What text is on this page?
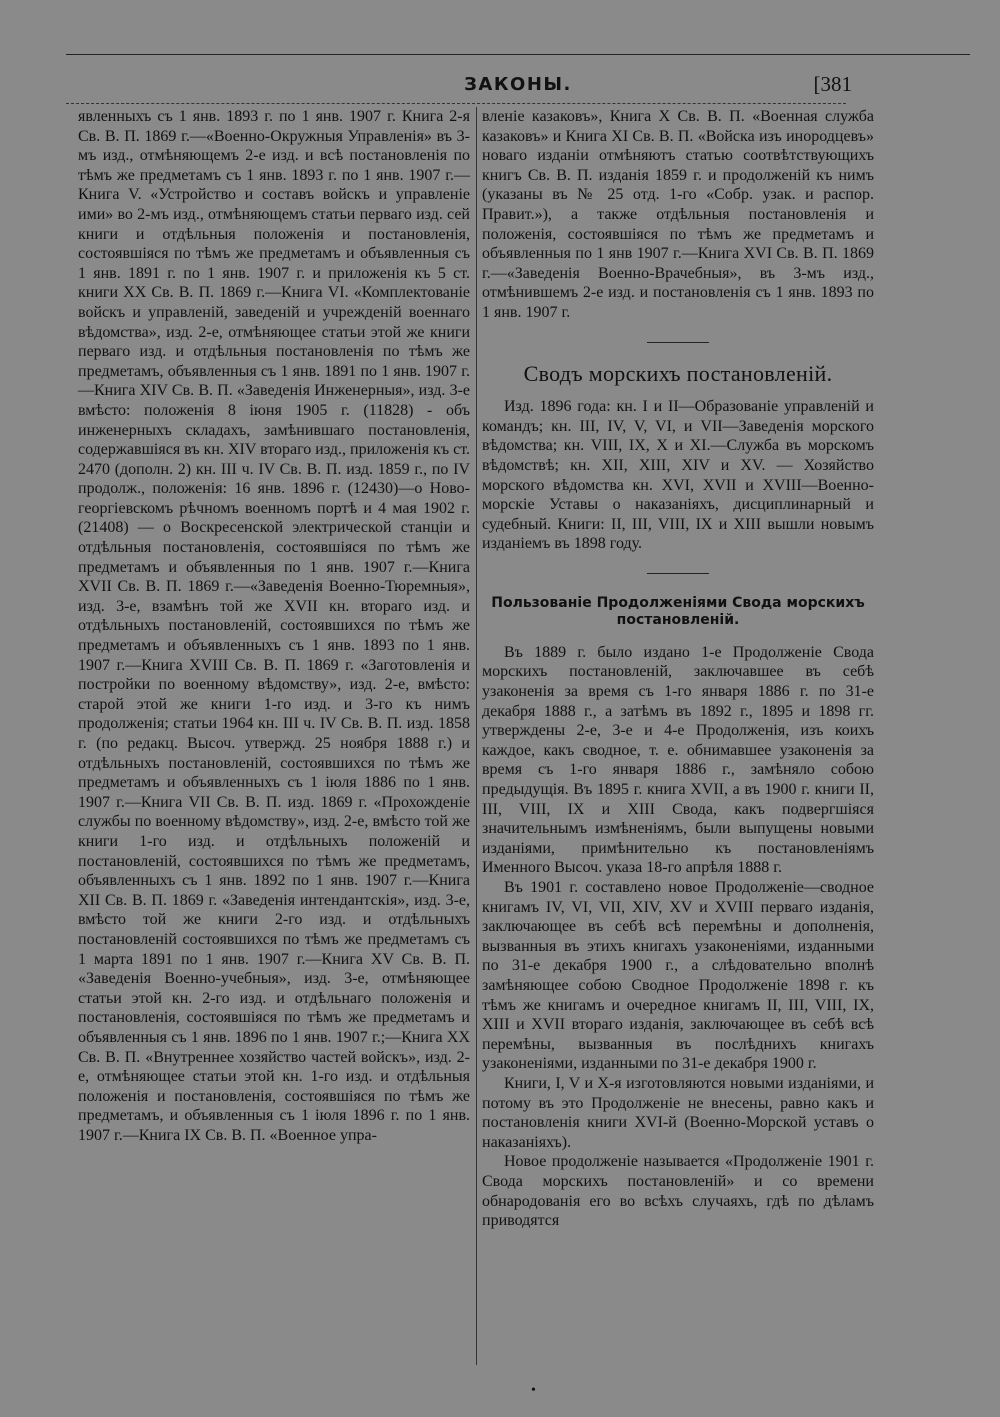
ЗАКОНЫ.	[381

явленныхъ съ 1 янв. 1893 г. по 1 янв. 1907 г. Книга 2-я Св. В. П. 1869 г.—«Военно-Окружныя Управленія» въ 3-мъ изд., отмѣняющемъ 2-е изд. и всѣ постановленія по тѣмъ же предметамъ съ 1 янв. 1893 г. по 1 янв. 1907 г.—Книга V. «Устройство и составъ войскъ и управленіе ими» во 2-мъ изд., отмѣняющемъ статьи перваго изд. сей книги и отдѣльныя положенія и постановленія, состоявшіяся по тѣмъ же предметамъ и объявленныя съ 1 янв. 1891 г. по 1 янв. 1907 г. и приложенія къ 5 ст. книги XX Св. В. П. 1869 г.—Книга VI. «Комплектованіе войскъ и управленій, заведеній и учрежденій военнаго вѣдомства», изд. 2-е, отмѣняющее статьи этой же книги перваго изд. и отдѣльныя постановленія по тѣмъ же предметамъ, объявленныя съ 1 янв. 1891 по 1 янв. 1907 г.—Книга XIV Св. В. П. «Заведенія Инженерныя», изд. 3-е вмѣсто: положенія 8 іюня 1905 г. (11828) - объ инженерныхъ складахъ, замѣнившаго постановленія, содержавшіяся въ кн. XIV втораго изд., приложенія къ ст. 2470 (дополн. 2) кн. III ч. IV Св. В. П. изд. 1859 г., по IV продолж., положенія: 16 янв. 1896 г. (12430)—о Ново-георгіевскомъ рѣчномъ военномъ портѣ и 4 мая 1902 г. (21408) — о Воскресенской электрической станціи и отдѣльныя постановленія, состоявшіяся по тѣмъ же предметамъ и объявленныя по 1 янв. 1907 г.—Книга XVII Св. В. П. 1869 г.—«Заведенія Военно-Тюремныя», изд. 3-е, взамѣнъ той же XVII кн. втораго изд. и отдѣльныхъ постановленій, состоявшихся по тѣмъ же предметамъ и объявленныхъ съ 1 янв. 1893 по 1 янв. 1907 г.—Книга XVIII Св. В. П. 1869 г. «Заготовленія и постройки по военному вѣдомству», изд. 2-е, вмѣсто: старой этой же книги 1-го изд. и 3-го къ нимъ продолженія; статьи 1964 кн. III ч. IV Св. В. П. изд. 1858 г. (по редакц. Высоч. утвержд. 25 ноября 1888 г.) и отдѣльныхъ постановленій, состоявшихся по тѣмъ же предметамъ и объявленныхъ съ 1 іюля 1886 по 1 янв. 1907 г.—Книга VII Св. В. П. изд. 1869 г. «Прохожденіе службы по военному вѣдомству», изд. 2-е, вмѣсто той же книги 1-го изд. и отдѣльныхъ положеній и постановленій, состоявшихся по тѣмъ же предметамъ, объявленныхъ съ 1 янв. 1892 по 1 янв. 1907 г.—Книга XII Св. В. П. 1869 г. «Заведенія интендантскія», изд. 3-е, вмѣсто той же книги 2-го изд. и отдѣльныхъ постановленій состоявшихся по тѣмъ же предметамъ съ 1 марта 1891 по 1 янв. 1907 г.—Книга XV Св. В. П. «Заведенія Военно-учебныя», изд. 3-е, отмѣняющее статьи этой кн. 2-го изд. и отдѣльнаго положенія и постановленія, состоявшіяся по тѣмъ же предметамъ и объявленныя съ 1 янв. 1896 по 1 янв. 1907 г.;—Книга XX Св. В. П. «Внутреннее хозяйство частей войскъ», изд. 2-е, отмѣняющее статьи этой кн. 1-го изд. и отдѣльныя положенія и постановленія, состоявшіяся по тѣмъ же предметамъ, и объявленныя съ 1 іюля 1896 г. по 1 янв. 1907 г.—Книга IX Св. В. П. «Военное упра-

вленіе казаковъ», Книга X Св. В. П. «Военная служба казаковъ» и Книга XI Св. В. П. «Войска изъ инородцевъ» новаго изданіи отмѣняютъ статью соотвѣтствующихъ книгъ Св. В. П. изданія 1859 г. и продолженій къ нимъ (указаны въ № 25 отд. 1-го «Собр. узак. и распор. Правит.»), а также отдѣльныя постановленія и положенія, состоявшіяся по тѣмъ же предметамъ и объявленныя по 1 янв 1907 г.—Книга XVI Св. В. П. 1869 г.—«Заведенія Военно-Врачебныя», въ 3-мъ изд., отмѣнившемъ 2-е изд. и постановленія съ 1 янв. 1893 по 1 янв. 1907 г.

Сводъ морскихъ постановленій.

Изд. 1896 года: кн. I и II—Образованіе управленій и командъ; кн. III, IV, V, VI, и VII—Заведенія морского вѣдомства; кн. VIII, IX, X и XI.—Служба въ морскомъ вѣдомствѣ; кн. XII, XIII, XIV и XV. — Хозяйство морского вѣдомства кн. XVI, XVII и XVIII—Военно-морскіе Уставы о наказаніяхъ, дисциплинарный и судебный. Книги: II, III, VIII, IX и XIII вышли новымъ изданіемъ въ 1898 году.

Пользованіе Продолженіями Свода морскихъ постановленій.

Въ 1889 г. было издано 1-е Продолженіе Свода морскихъ постановленій, заключавшее въ себѣ узаконенія за время съ 1-го января 1886 г. по 31-е декабря 1888 г., а затѣмъ въ 1892 г., 1895 и 1898 гг. утверждены 2-е, 3-е и 4-е Продолженія, изъ коихъ каждое, какъ сводное, т. е. обнимавшее узаконенія за время съ 1-го января 1886 г., замѣняло собою предыдущія. Въ 1895 г. книга XVII, а въ 1900 г. книги II, III, VIII, IX и XIII Свода, какъ подвергшіяся значительнымъ измѣненіямъ, были выпущены новыми изданіями, примѣнительно къ постановленіямъ Именного Высоч. указа 18-го апрѣля 1888 г.

Въ 1901 г. составлено новое Продолженіе—сводное книгамъ IV, VI, VII, XIV, XV и XVIII перваго изданія, заключающее въ себѣ всѣ перемѣны и дополненія, вызванныя въ этихъ книгахъ узаконеніями, изданными по 31-е декабря 1900 г., а слѣдовательно вполнѣ замѣняющее собою Сводное Продолженіе 1898 г. къ тѣмъ же книгамъ и очередное книгамъ II, III, VIII, IX, XIII и XVII втораго изданія, заключающее въ себѣ всѣ перемѣны, вызванныя въ послѣднихъ книгахъ узаконеніями, изданными по 31-е декабря 1900 г.

Книги, I, V и X-я изготовляются новыми изданіями, и потому въ это Продолженіе не внесены, равно какъ и постановленія книги XVI-й (Военно-Морской уставъ о наказаніяхъ).

Новое продолженіе называется «Продолженіе 1901 г. Свода морскихъ постановленій» и со времени обнародованія его во всѣхъ случаяхъ, гдѣ по дѣламъ приводятся

•
